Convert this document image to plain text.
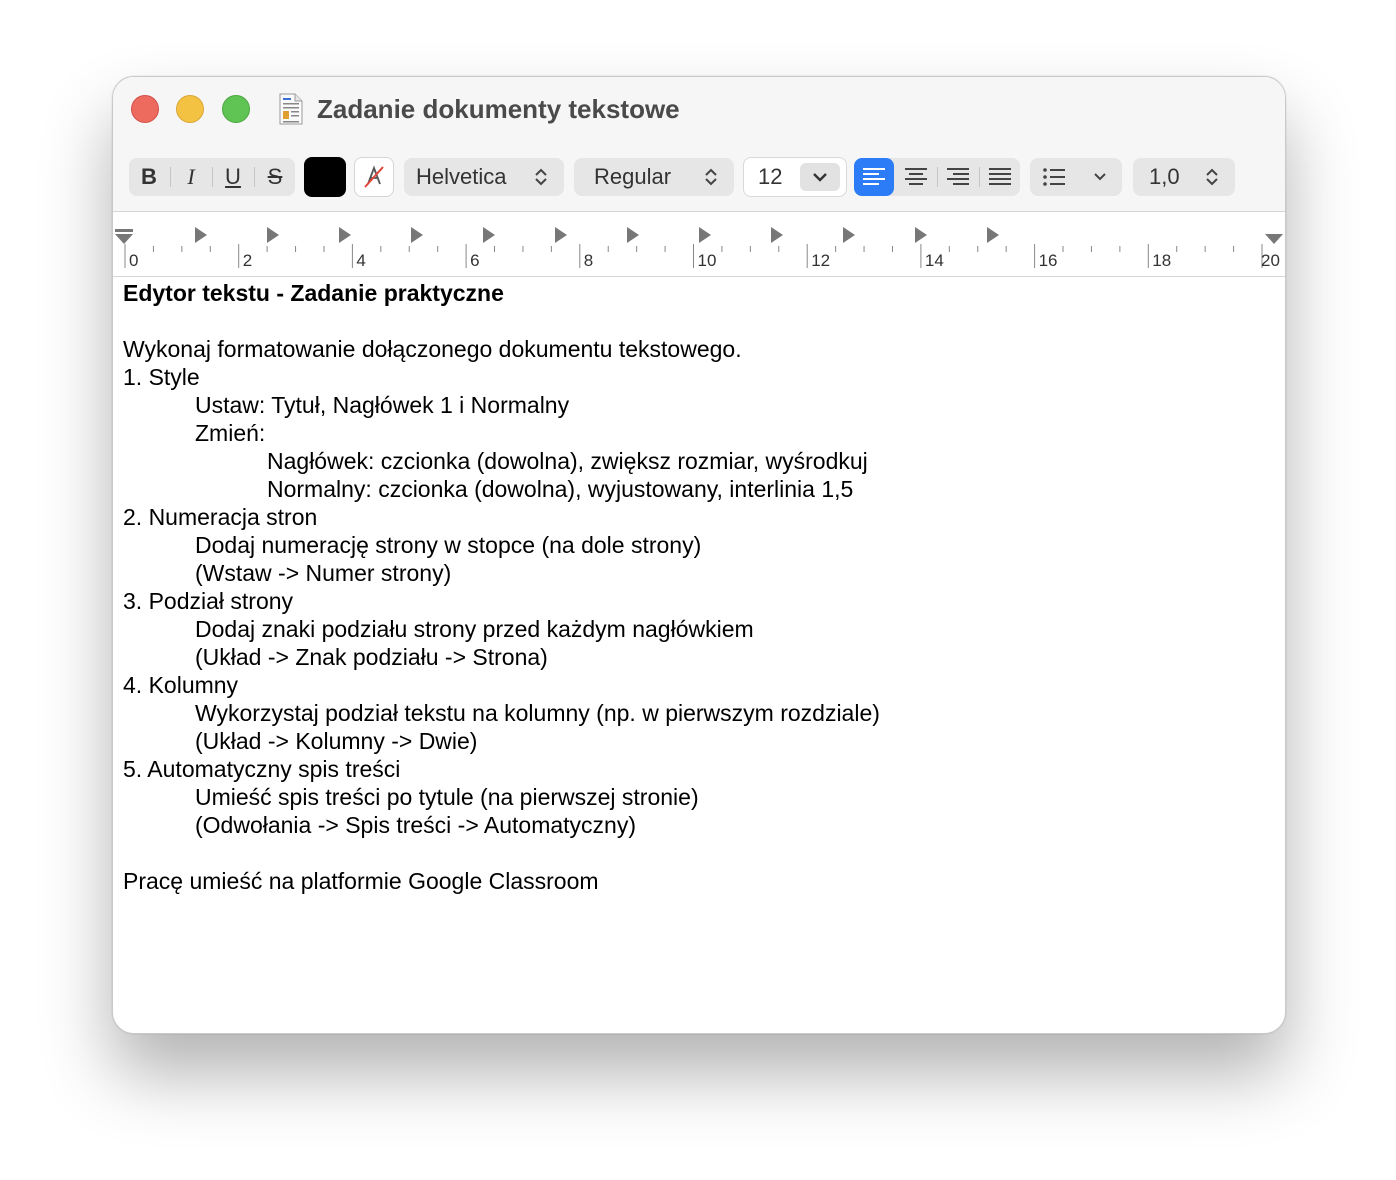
Zadanie dokumenty tekstowe
B	I	U	S	Helvetica	Regular	12	1,0
0	2	4	6	8	10	12	14	16	18	20
Edytor tekstu - Zadanie praktyczne
Wykonaj formatowanie dołączonego dokumentu tekstowego.
1. Style
Ustaw: Tytuł, Nagłówek 1 i Normalny
Zmień:
Nagłówek: czcionka (dowolna), zwiększ rozmiar, wyśrodkuj
Normalny: czcionka (dowolna), wyjustowany, interlinia 1,5
2. Numeracja stron
Dodaj numerację strony w stopce (na dole strony)
(Wstaw -> Numer strony)
3. Podział strony
Dodaj znaki podziału strony przed każdym nagłówkiem
(Układ -> Znak podziału -> Strona)
4. Kolumny
Wykorzystaj podział tekstu na kolumny (np. w pierwszym rozdziale)
(Układ -> Kolumny -> Dwie)
5. Automatyczny spis treści
Umieść spis treści po tytule (na pierwszej stronie)
(Odwołania -> Spis treści -> Automatyczny)
Pracę umieść na platformie Google Classroom
